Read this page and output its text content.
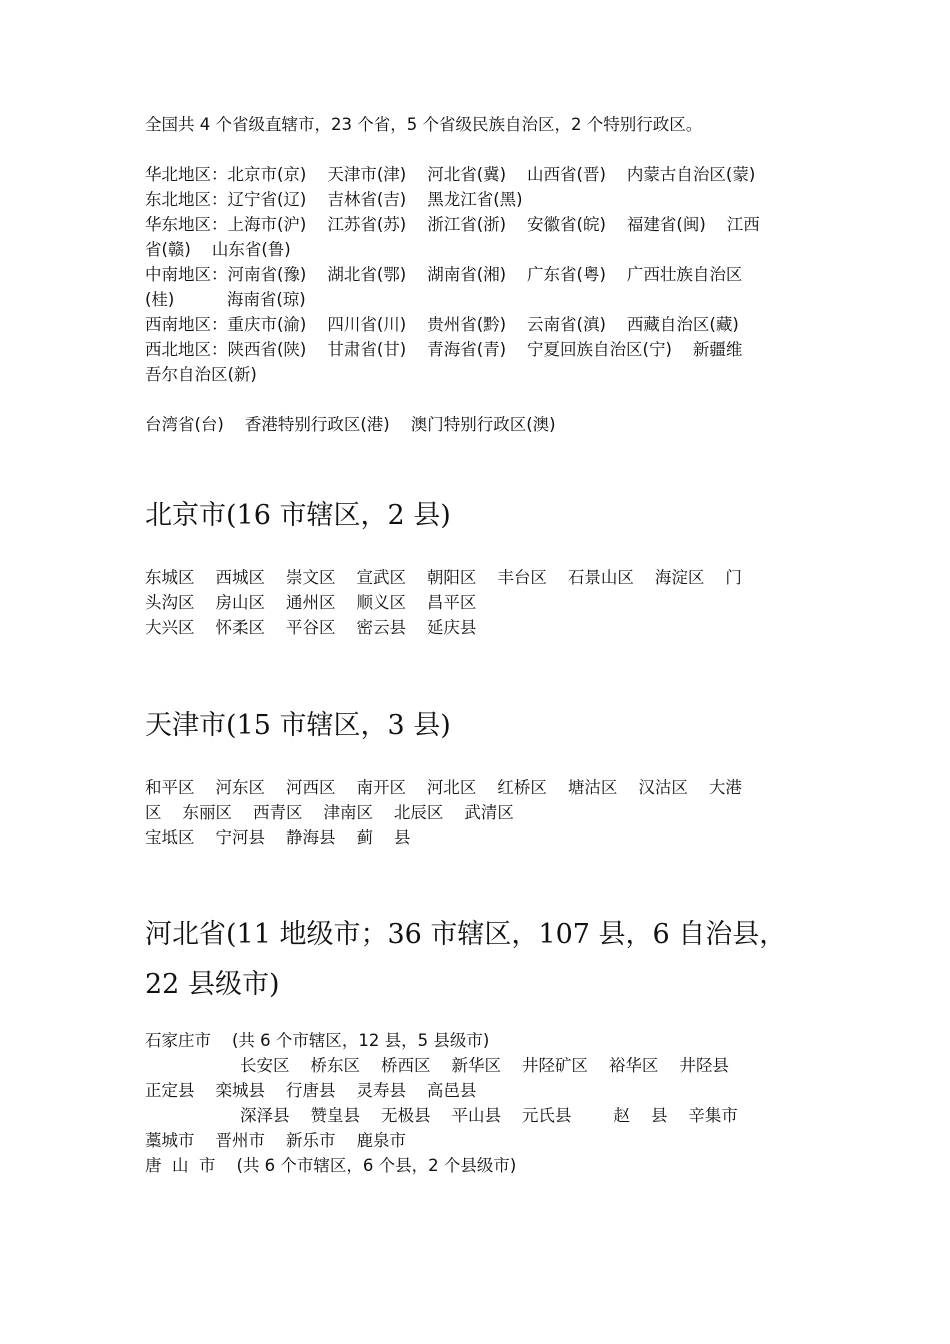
全国共 4 个省级直辖市，23 个省，5 个省级民族自治区，2 个特别行政区。

华北地区：北京市(京)    天津市(津)    河北省(冀)    山西省(晋)    内蒙古自治区(蒙)

东北地区：辽宁省(辽)    吉林省(吉)    黑龙江省(黑)

华东地区：上海市(沪)    江苏省(苏)    浙江省(浙)    安徽省(皖)    福建省(闽)    江西

省(赣)    山东省(鲁)

中南地区：河南省(豫)    湖北省(鄂)    湖南省(湘)    广东省(粤)    广西壮族自治区

(桂)          海南省(琼)

西南地区：重庆市(渝)    四川省(川)    贵州省(黔)    云南省(滇)    西藏自治区(藏)

西北地区：陕西省(陕)    甘肃省(甘)    青海省(青)    宁夏回族自治区(宁)    新疆维

吾尔自治区(新)

台湾省(台)    香港特别行政区(港)    澳门特别行政区(澳)

北京市(16 市辖区，2 县)

东城区    西城区    崇文区    宣武区    朝阳区    丰台区    石景山区    海淀区    门

头沟区    房山区    通州区    顺义区    昌平区

大兴区    怀柔区    平谷区    密云县    延庆县

天津市(15 市辖区，3 县)

和平区    河东区    河西区    南开区    河北区    红桥区    塘沽区    汉沽区    大港

区    东丽区    西青区    津南区    北辰区    武清区

宝坻区    宁河县    静海县    蓟    县

河北省(11 地级市；36 市辖区，107 县，6 自治县，
22 县级市)

石家庄市    (共 6 个市辖区，12 县，5 县级市)

长安区    桥东区    桥西区    新华区    井陉矿区    裕华区    井陉县

正定县    栾城县    行唐县    灵寿县    高邑县

深泽县    赞皇县    无极县    平山县    元氏县        赵    县    辛集市

藁城市    晋州市    新乐市    鹿泉市

唐  山  市    (共 6 个市辖区，6 个县，2 个县级市)
